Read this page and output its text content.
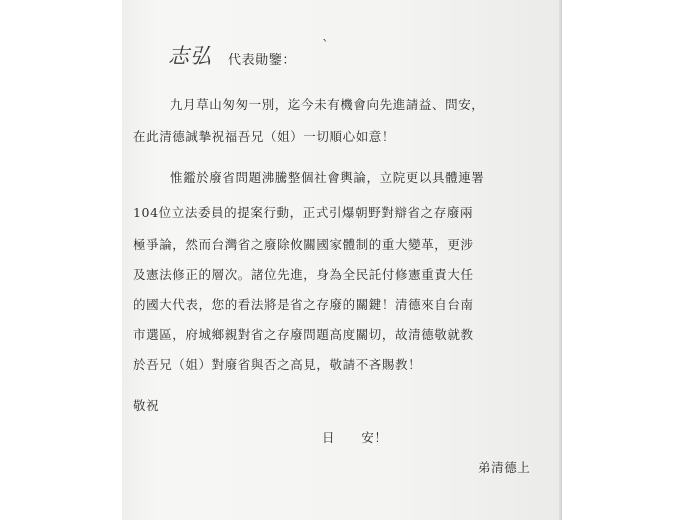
志弘 代表勛鑒：
ˋ
九月草山匆匆一別，迄今未有機會向先進請益、問安，
在此清德誠摯祝福吾兄（姐）一切順心如意！
惟鑑於廢省問題沸騰整個社會輿論，立院更以具體連署
104位立法委員的提案行動，正式引爆朝野對辯省之存廢兩
極爭論，然而台灣省之廢除攸關國家體制的重大變革，更涉
及憲法修正的層次。諸位先進，身為全民託付修憲重責大任
的國大代表，您的看法將是省之存廢的關鍵！清德來自台南
市選區，府城鄉親對省之存廢問題高度關切，故清德敬就教
於吾兄（姐）對廢省與否之高見，敬請不吝賜教！
敬祝
日　　安！
弟清德上
